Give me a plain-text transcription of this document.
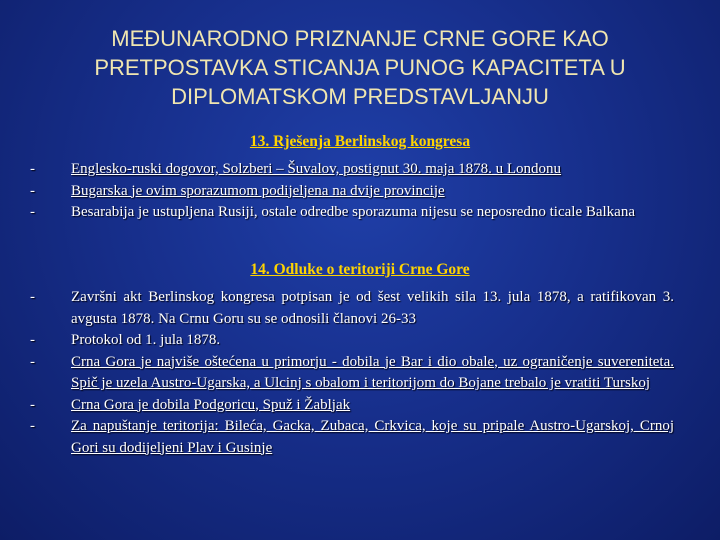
MEĐUNARODNO PRIZNANJE CRNE GORE KAO
PRETPOSTAVKA STICANJA PUNOG KAPACITETA U
DIPLOMATSKOM PREDSTAVLJANJU
13. Rješenja Berlinskog kongresa
-	Englesko-ruski dogovor, Solzberi – Šuvalov, postignut 30. maja 1878. u Londonu
-	Bugarska je ovim sporazumom podijeljena na dvije provincije
-	Besarabija je ustupljena Rusiji, ostale odredbe sporazuma nijesu se neposredno ticale Balkana
14. Odluke o teritoriji Crne Gore
-	Završni akt Berlinskog kongresa potpisan je od šest velikih sila 13. jula 1878, a ratifikovan 3. avgusta 1878. Na Crnu Goru su se odnosili članovi 26-33
-	Protokol od 1. jula 1878.
-	Crna Gora je najviše oštećena u primorju - dobila je Bar i dio obale, uz ograničenje suvereniteta. Spič je uzela Austro-Ugarska, a Ulcinj s obalom i teritorijom do Bojane trebalo je vratiti Turskoj
-	Crna Gora je dobila Podgoricu, Spuž i Žabljak
-	Za napuštanje teritorija: Bileća, Gacka, Zubaca, Crkvica, koje su pripale Austro-Ugarskoj, Crnoj Gori su dodijeljeni Plav i Gusinje
